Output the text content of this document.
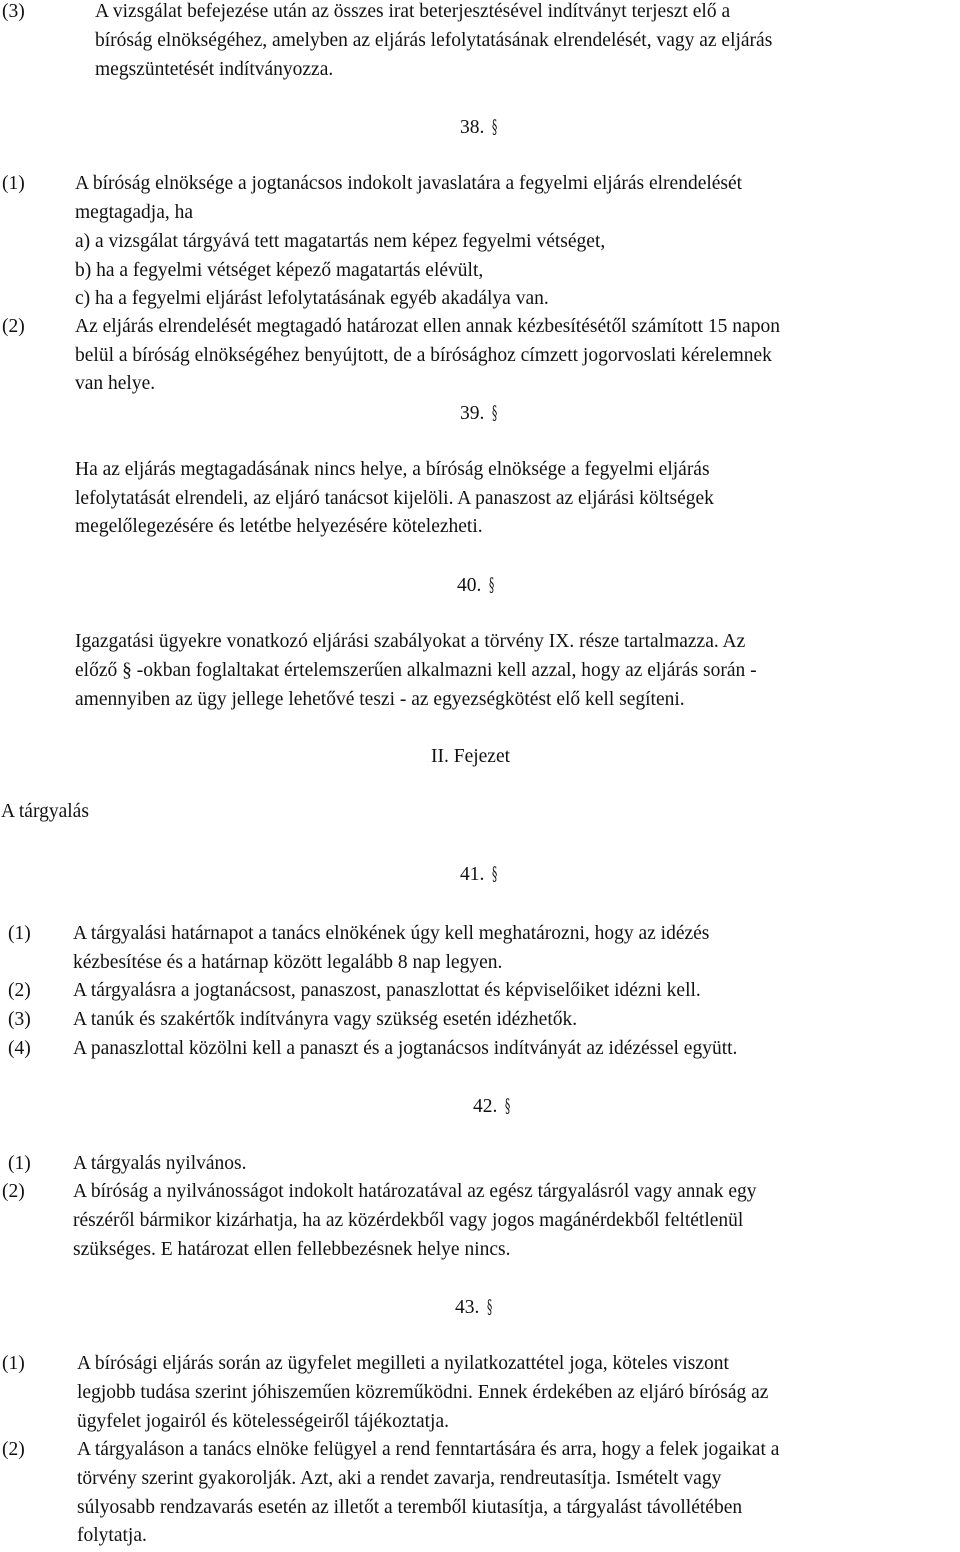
(3)	A vizsgálat befejezése után az összes irat beterjesztésével indítványt terjeszt elő a
bíróság elnökségéhez, amelyben az eljárás lefolytatásának elrendelését, vagy az eljárás
megszüntetését indítványozza.
38. §
(1)	A bíróság elnöksége a jogtanácsos indokolt javaslatára a fegyelmi eljárás elrendelését
megtagadja, ha
a) a vizsgálat tárgyává tett magatartás nem képez fegyelmi vétséget,
b) ha a fegyelmi vétséget képező magatartás elévült,
c) ha a fegyelmi eljárást lefolytatásának egyéb akadálya van.
(2)	Az eljárás elrendelését megtagadó határozat ellen annak kézbesítésétől számított 15 napon
belül a bíróság elnökségéhez benyújtott, de a bírósághoz címzett jogorvoslati kérelemnek
van helye.
39. §
Ha az eljárás megtagadásának nincs helye, a bíróság elnöksége a fegyelmi eljárás
lefolytatását elrendeli, az eljáró tanácsot kijelöli. A panaszost az eljárási költségek
megelőlegezésére és letétbe helyezésére kötelezheti.
40. §
Igazgatási ügyekre vonatkozó eljárási szabályokat a törvény IX. része tartalmazza. Az
előző § -okban foglaltakat értelemszerűen alkalmazni kell azzal, hogy az eljárás során -
amennyiben az ügy jellege lehetővé teszi - az egyezségkötést elő kell segíteni.
II. Fejezet
A tárgyalás
41. §
(1) A tárgyalási határnapot a tanács elnökének úgy kell meghatározni, hogy az idézés
kézbesítése és a határnap között legalább 8 nap legyen.
(2) A tárgyalásra a jogtanácsost, panaszost, panaszlottat és képviselőiket idézni kell.
(3) A tanúk és szakértők indítványra vagy szükség esetén idézhetők.
(4) A panaszlottal közölni kell a panaszt és a jogtanácsos indítványát az idézéssel együtt.
42. §
(1) A tárgyalás nyilvános.
(2) A bíróság a nyilvánosságot indokolt határozatával az egész tárgyalásról vagy annak egy
részéről bármikor kizárhatja, ha az közérdekből vagy jogos magánérdekből feltétlenül
szükséges. E határozat ellen fellebbezésnek helye nincs.
43. §
(1)	A bírósági eljárás során az ügyfelet megilleti a nyilatkozattétel joga, köteles viszont
legjobb tudása szerint jóhiszeműen közreműködni. Ennek érdekében az eljáró bíróság az
ügyfelet jogairól és kötelességeiről tájékoztatja.
(2)	A tárgyaláson a tanács elnöke felügyel a rend fenntartására és arra, hogy a felek jogaikat a
törvény szerint gyakorolják. Azt, aki a rendet zavarja, rendreutasítja. Ismételt vagy
súlyosabb rendzavarás esetén az illetőt a teremből kiutasítja, a tárgyalást távollétében
folytatja.
